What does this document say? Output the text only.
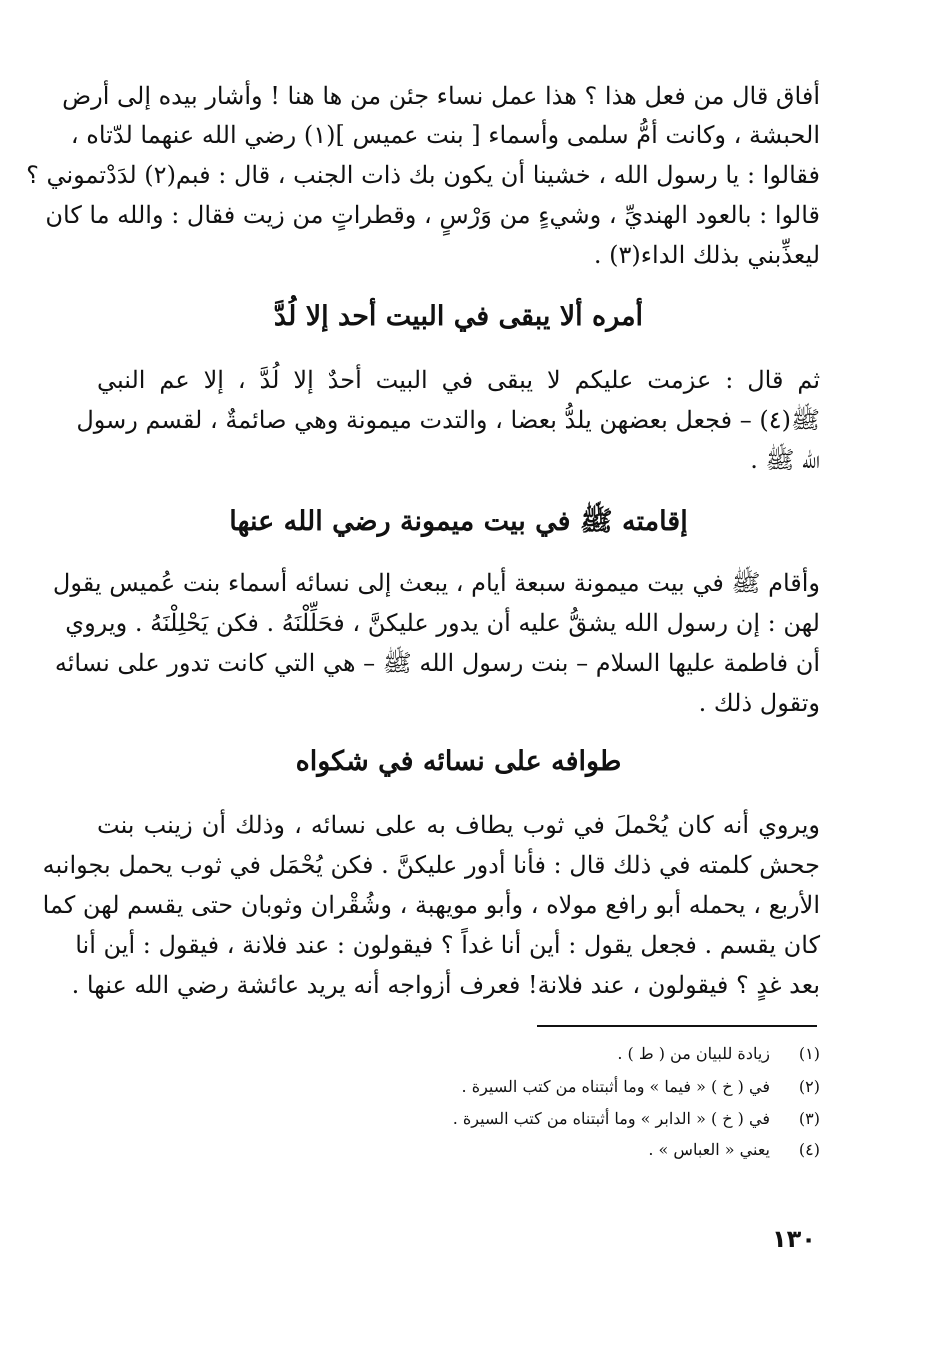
أفاق قال من فعل هذا ؟ هذا عمل نساء جئن من ها هنا ! وأشار بيده إلى أرض
الحبشة ، وكانت أمُّ سلمى وأسماء [ بنت عميس ](١) رضي الله عنهما لدّتاه ،
فقالوا : يا رسول الله ، خشينا أن يكون بك ذات الجنب ، قال : فبم(٢) لدَدْتموني ؟
قالوا : بالعود الهنديِّ ، وشيءٍ من وَرْسٍ ، وقطراتٍ من زيت فقال : والله ما كان
ليعذِّبني بذلك الداء(٣) .
أمره ألا يبقى في البيت أحد إلا لُدَّ
ثم قال : عزمت عليكم لا يبقى في البيت أحدٌ إلا لُدَّ ، إلا عم النبي
ﷺ(٤) – فجعل بعضهن يلدُّ بعضا ، والتدت ميمونة وهي صائمةٌ ، لقسم رسول
الله ﷺ .
إقامته ﷺ في بيت ميمونة رضي الله عنها
وأقام ﷺ في بيت ميمونة سبعة أيام ، يبعث إلى نسائه أسماء بنت عُميس يقول
لهن : إن رسول الله يشقُّ عليه أن يدور عليكنَّ ، فحَلِّلْنَهُ . فكن يَحْلِلْنَهُ . ويروي
أن فاطمة عليها السلام – بنت رسول الله ﷺ – هي التي كانت تدور على نسائه
وتقول ذلك .
طوافه على نسائه في شكواه
ويروي أنه كان يُحْملَ في ثوب يطاف به على نسائه ، وذلك أن زينب بنت
جحش كلمته في ذلك قال : فأنا أدور عليكنَّ . فكن يُحْمَل في ثوب يحمل بجوانبه
الأربع ، يحمله أبو رافع مولاه ، وأبو مويهبة ، وشُقْران وثوبان حتى يقسم لهن كما
كان يقسم . فجعل يقول : أين أنا غداً ؟ فيقولون : عند فلانة ، فيقول : أين أنا
بعد غدٍ ؟ فيقولون ، عند فلانة! فعرف أزواجه أنه يريد عائشة رضي الله عنها .
(١)
زيادة للبيان من ( ط ) .
(٢)
في ( خ ) « فيما » وما أثبتناه من كتب السيرة .
(٣)
في ( خ ) « الدابر » وما أثبتناه من كتب السيرة .
(٤)
يعني « العباس » .
١٣٠
